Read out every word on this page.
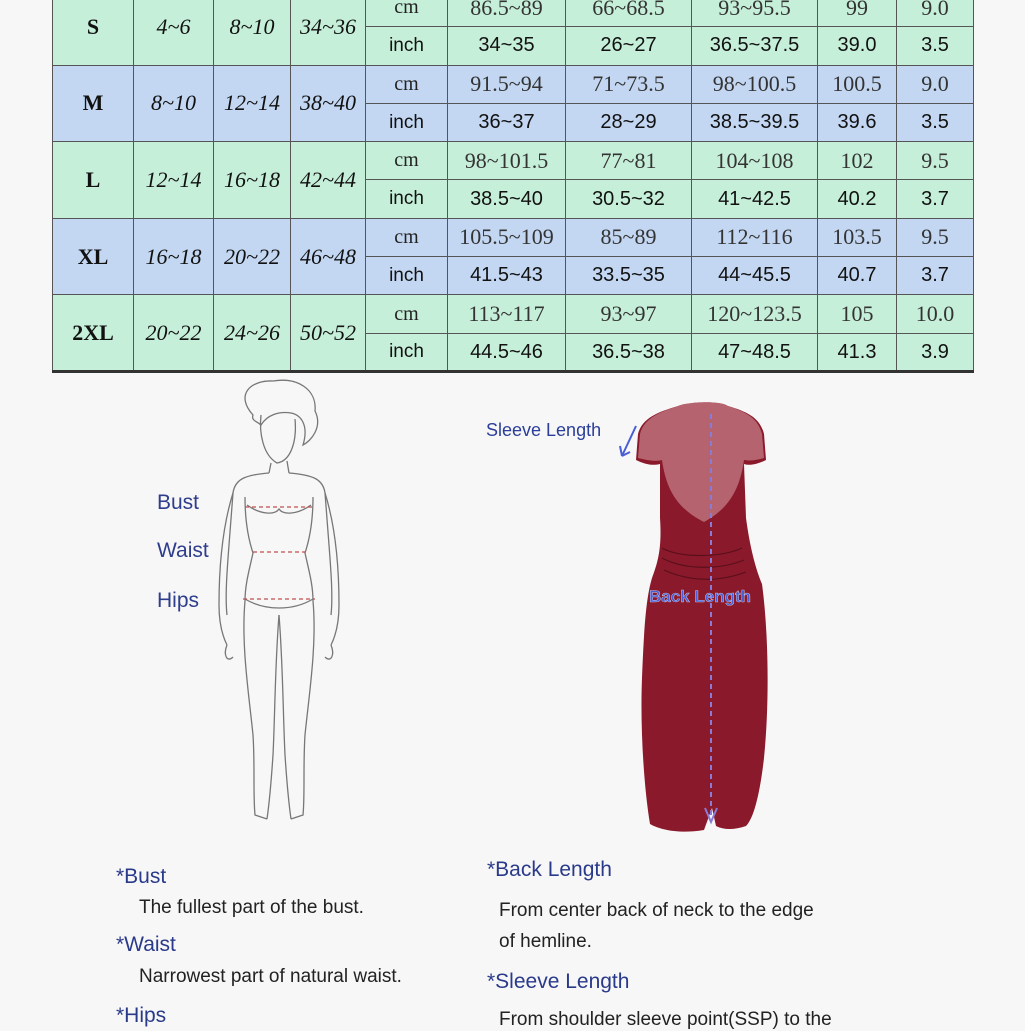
S	4~6	8~10	34~36	cm	86.5~89	66~68.5	93~95.5	99	9.0
				inch	34~35	26~27	36.5~37.5	39.0	3.5
M	8~10	12~14	38~40	cm	91.5~94	71~73.5	98~100.5	100.5	9.0
				inch	36~37	28~29	38.5~39.5	39.6	3.5
L	12~14	16~18	42~44	cm	98~101.5	77~81	104~108	102	9.5
				inch	38.5~40	30.5~32	41~42.5	40.2	3.7
XL	16~18	20~22	46~48	cm	105.5~109	85~89	112~116	103.5	9.5
				inch	41.5~43	33.5~35	44~45.5	40.7	3.7
2XL	20~22	24~26	50~52	cm	113~117	93~97	120~123.5	105	10.0
				inch	44.5~46	36.5~38	47~48.5	41.3	3.9
Bust
Waist
Hips
Sleeve Length
Back Length
*Bust
The fullest part of the bust.
*Waist
Narrowest part of natural waist.
*Hips
*Back Length
From center back of neck to the edge
of hemline.
*Sleeve Length
From shoulder sleeve point(SSP) to the
